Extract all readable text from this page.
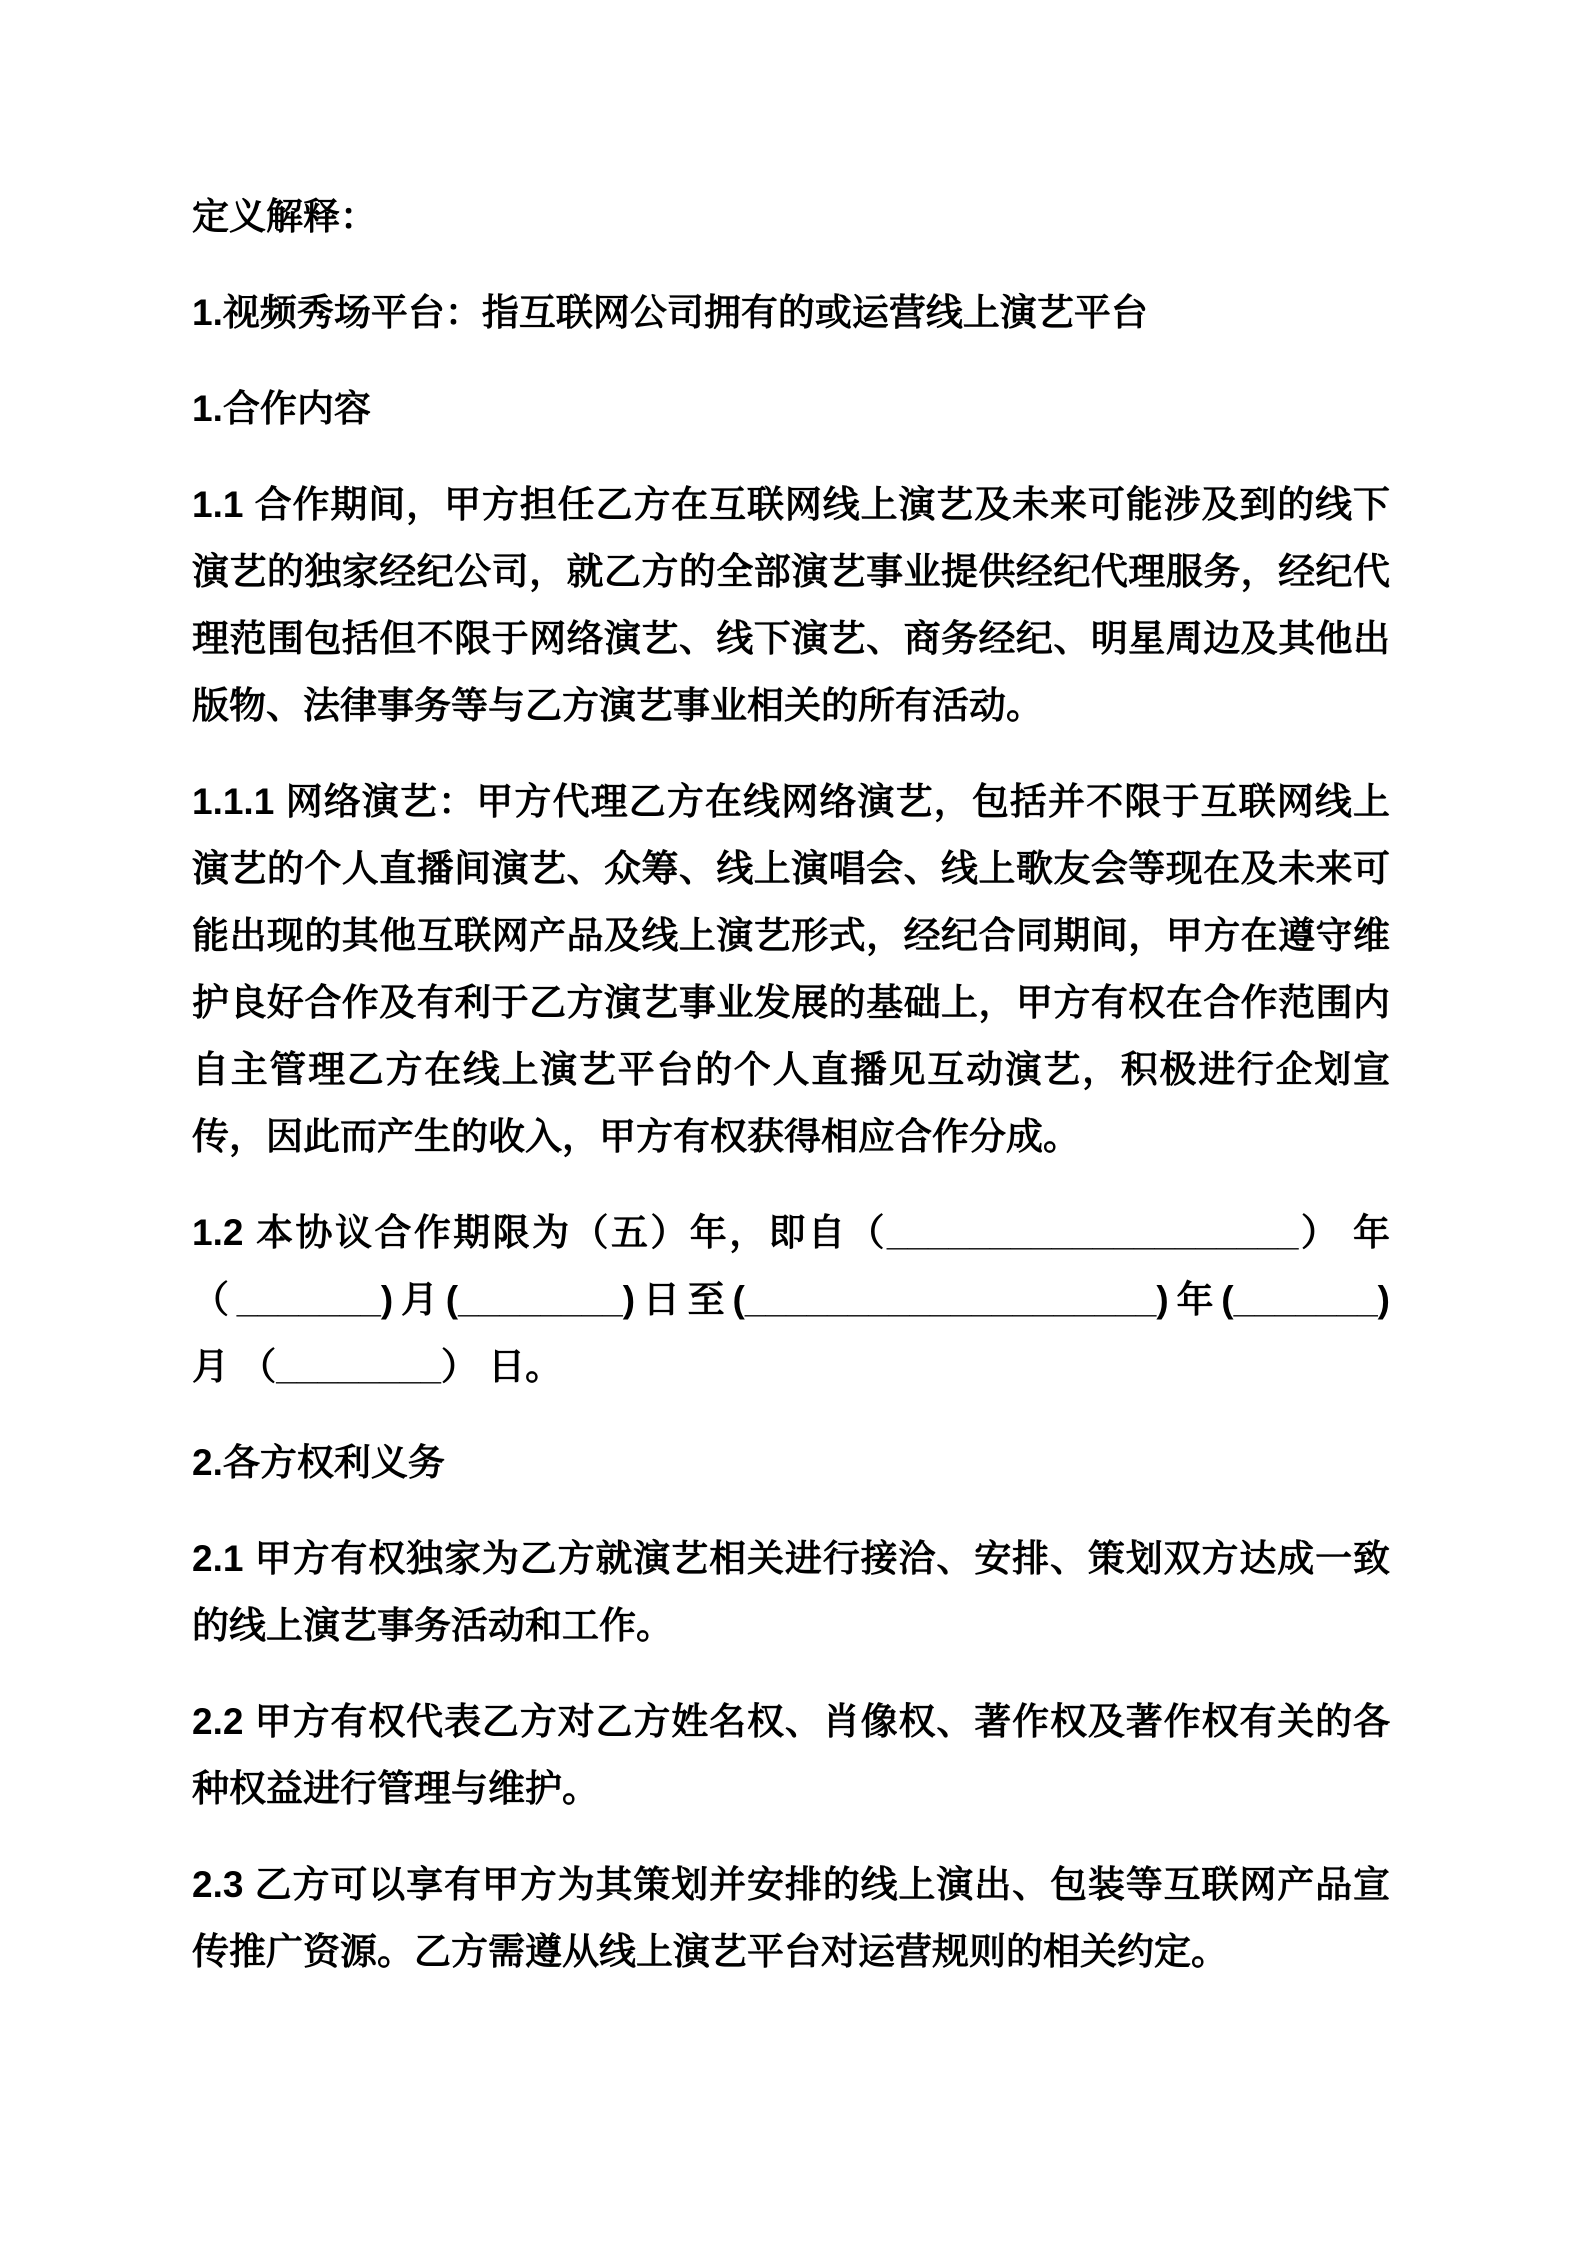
定义解释：
1.视频秀场平台：指互联网公司拥有的或运营线上演艺平台
1.合作内容
1.1 合作期间，甲方担任乙方在互联网线上演艺及未来可能涉及到的线下
演艺的独家经纪公司，就乙方的全部演艺事业提供经纪代理服务，经纪代
理范围包括但不限于网络演艺、线下演艺、商务经纪、明星周边及其他出
版物、法律事务等与乙方演艺事业相关的所有活动。
1.1.1 网络演艺：甲方代理乙方在线网络演艺，包括并不限于互联网线上
演艺的个人直播间演艺、众筹、线上演唱会、线上歌友会等现在及未来可
能出现的其他互联网产品及线上演艺形式，经纪合同期间，甲方在遵守维
护良好合作及有利于乙方演艺事业发展的基础上，甲方有权在合作范围内
自主管理乙方在线上演艺平台的个人直播见互动演艺，积极进行企划宣
传，因此而产生的收入，甲方有权获得相应合作分成。
1.2 本协议合作期限为（五）年，即自（____________________） 年
（_______)月(________)日至(____________________)年(_______)
月 （________） 日。
2.各方权利义务
2.1 甲方有权独家为乙方就演艺相关进行接洽、安排、策划双方达成一致
的线上演艺事务活动和工作。
2.2 甲方有权代表乙方对乙方姓名权、肖像权、著作权及著作权有关的各
种权益进行管理与维护。
2.3 乙方可以享有甲方为其策划并安排的线上演出、包装等互联网产品宣
传推广资源。乙方需遵从线上演艺平台对运营规则的相关约定。
